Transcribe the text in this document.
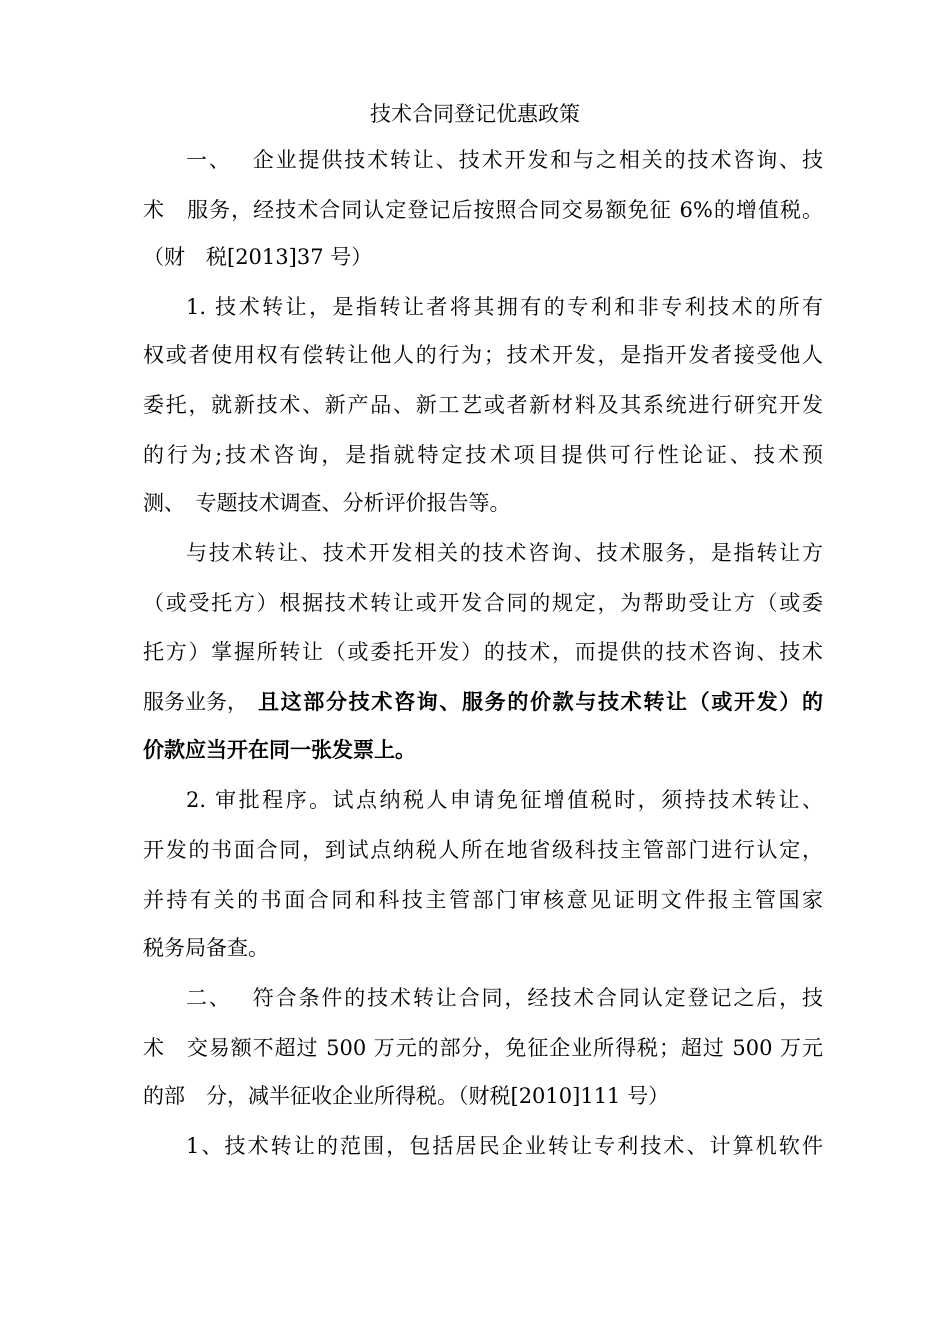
技术合同登记优惠政策
一、　 企业提供技术转让、技术开发和与之相关的技术咨询、技
术　服务，经技术合同认定登记后按照合同交易额免征 6%的增值税。
（财　税[2013]37 号）
1. 技术转让，是指转让者将其拥有的专利和非专利技术的所有
权或者使用权有偿转让他人的行为；技术开发，是指开发者接受他人
委托，就新技术、新产品、新工艺或者新材料及其系统进行研究开发
的行为;技术咨询，是指就特定技术项目提供可行性论证、技术预
测、　专题技术调查、分析评价报告等。
与技术转让、技术开发相关的技术咨询、技术服务，是指转让方
（或受托方）根据技术转让或开发合同的规定，为帮助受让方（或委
托方）掌握所转让（或委托开发）的技术，而提供的技术咨询、技术
服务业务， 且这部分技术咨询、服务的价款与技术转让（或开发）的
价款应当开在同一张发票上。
2. 审批程序。试点纳税人申请免征增值税时，须持技术转让、
开发的书面合同，到试点纳税人所在地省级科技主管部门进行认定，
并持有关的书面合同和科技主管部门审核意见证明文件报主管国家
税务局备查。
二、　 符合条件的技术转让合同，经技术合同认定登记之后，技
术　交易额不超过 500 万元的部分，免征企业所得税；超过 500 万元
的部　分，减半征收企业所得税。（财税[2010]111 号）
1、技术转让的范围，包括居民企业转让专利技术、计算机软件
